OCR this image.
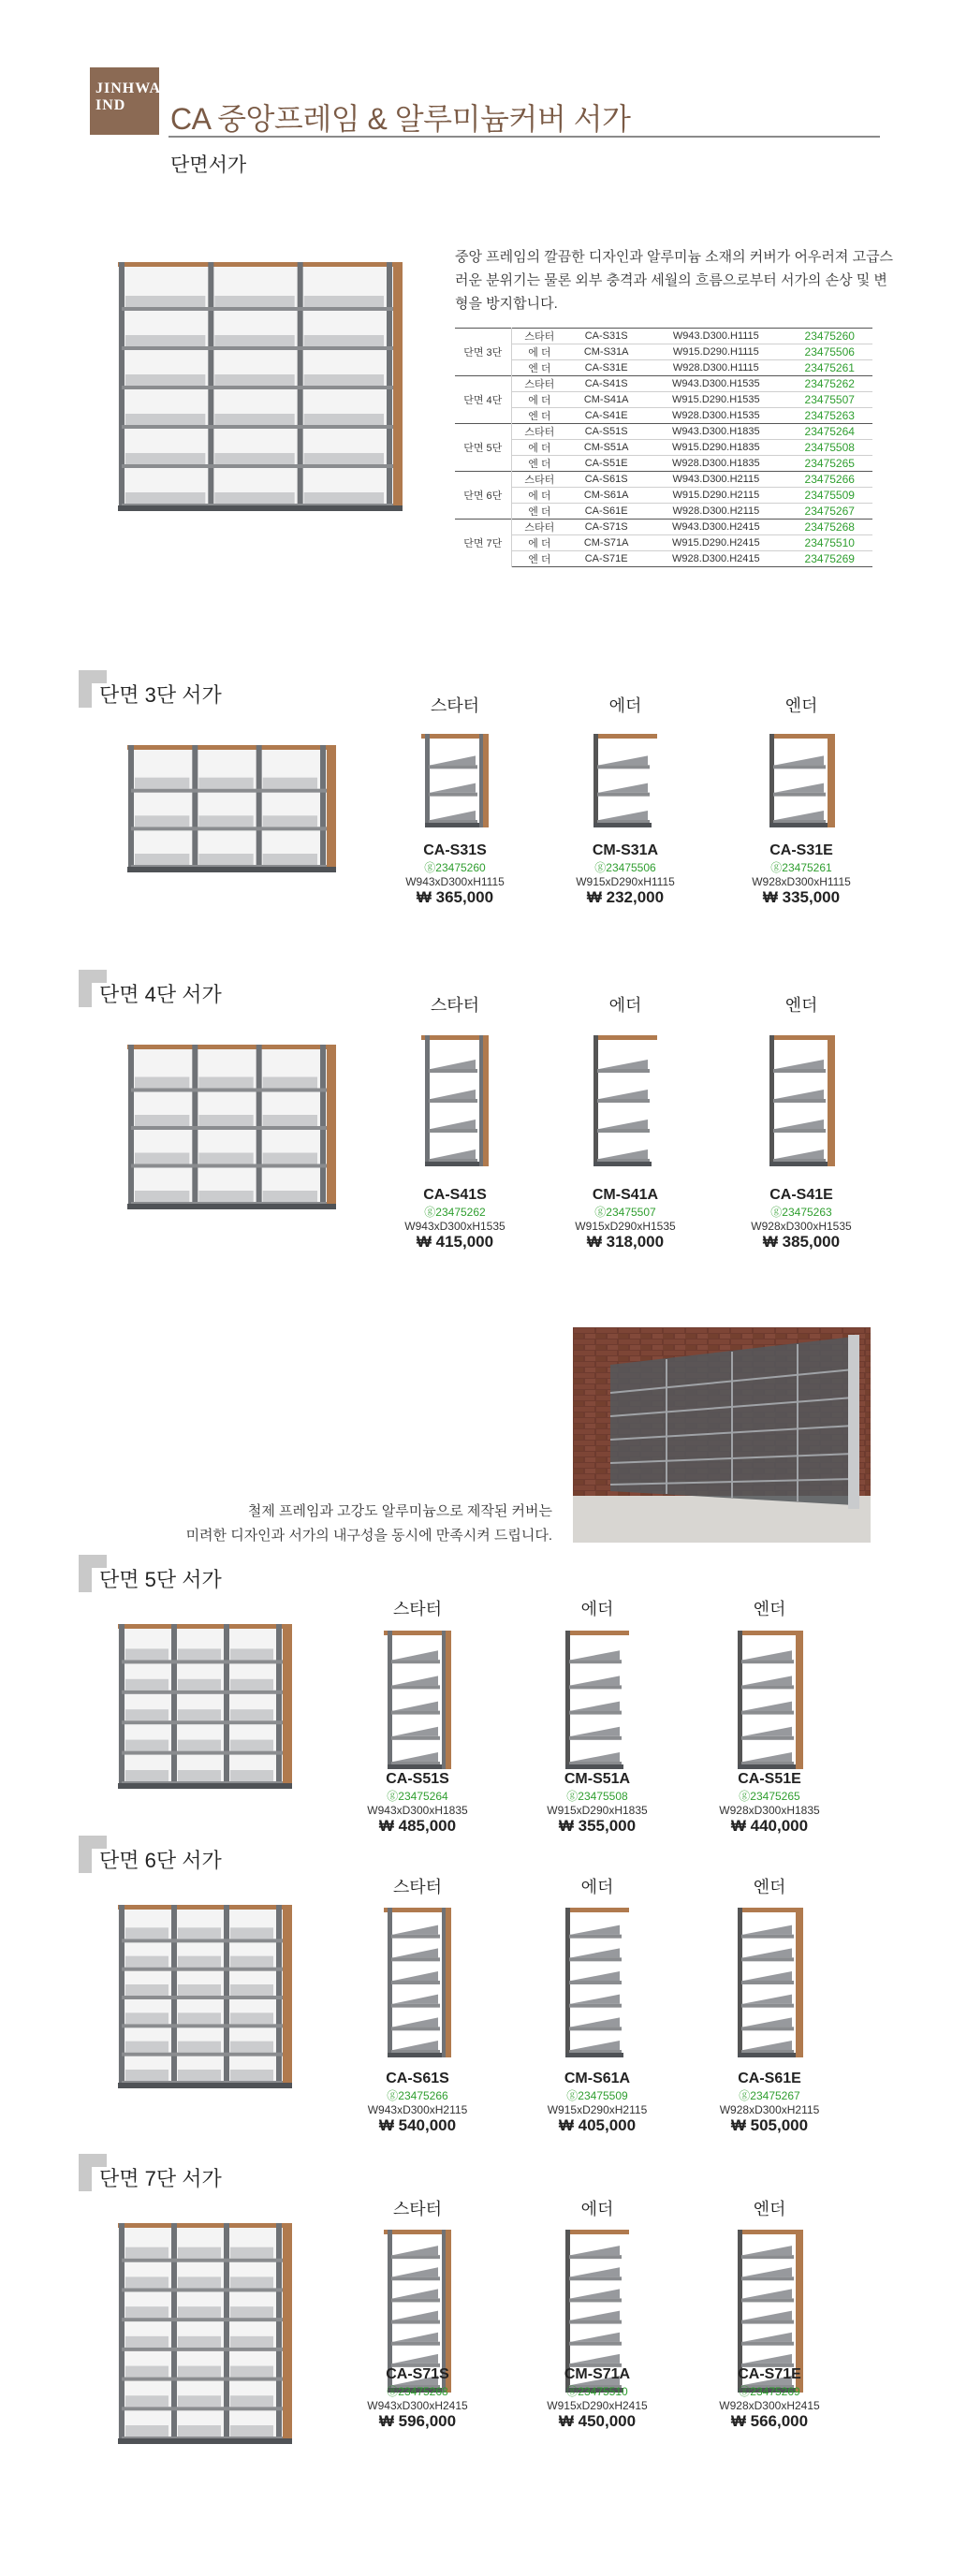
JINHWA IND	CA 중앙프레임 & 알루미늄커버 서가
단면서가
중앙 프레임의 깔끔한 디자인과 알루미늄 소재의 커버가 어우러져 고급스러운 분위기는 물론 외부 충격과 세월의 흐름으로부터 서가의 손상 및 변형을 방지합니다.
단면 3단	스타터	CA-S31S	W943.D300.H1115	23475260
	에 더	CM-S31A	W915.D290.H1115	23475506
	엔 더	CA-S31E	W928.D300.H1115	23475261
단면 4단	스타터	CA-S41S	W943.D300.H1535	23475262
	에 더	CM-S41A	W915.D290.H1535	23475507
	엔 더	CA-S41E	W928.D300.H1535	23475263
단면 5단	스타터	CA-S51S	W943.D300.H1835	23475264
	에 더	CM-S51A	W915.D290.H1835	23475508
	엔 더	CA-S51E	W928.D300.H1835	23475265
단면 6단	스타터	CA-S61S	W943.D300.H2115	23475266
	에 더	CM-S61A	W915.D290.H2115	23475509
	엔 더	CA-S61E	W928.D300.H2115	23475267
단면 7단	스타터	CA-S71S	W943.D300.H2415	23475268
	에 더	CM-S71A	W915.D290.H2415	23475510
	엔 더	CA-S71E	W928.D300.H2415	23475269
단면 3단 서가	스타터
CA-S31S
ⓖ23475260
W943xD300xH1115
₩ 365,000
에더
CM-S31A
ⓖ23475506
W915xD290xH1115
₩ 232,000
엔더
CA-S31E
ⓖ23475261
W928xD300xH1115
₩ 335,000
단면 4단 서가	스타터
CA-S41S
ⓖ23475262
W943xD300xH1535
₩ 415,000
에더
CM-S41A
ⓖ23475507
W915xD290xH1535
₩ 318,000
엔더
CA-S41E
ⓖ23475263
W928xD300xH1535
₩ 385,000
단면 5단 서가
스타터
CA-S51S
ⓖ23475264
W943xD300xH1835
₩ 485,000
에더
CM-S51A
ⓖ23475508
W915xD290xH1835
₩ 355,000
엔더
CA-S51E
ⓖ23475265
W928xD300xH1835
₩ 440,000
단면 6단 서가
스타터
CA-S61S
ⓖ23475266
W943xD300xH2115
₩ 540,000
에더
CM-S61A
ⓖ23475509
W915xD290xH2115
₩ 405,000
엔더
CA-S61E
ⓖ23475267
W928xD300xH2115
₩ 505,000
단면 7단 서가
스타터
CA-S71S
ⓖ23475268
W943xD300xH2415
₩ 596,000
에더
CM-S71A
ⓖ23475510
W915xD290xH2415
₩ 450,000
엔더
CA-S71E
ⓖ23475269
W928xD300xH2415
₩ 566,000
철제 프레임과 고강도 알루미늄으로 제작된 커버는
미려한 디자인과 서가의 내구성을 동시에 만족시켜 드립니다.
